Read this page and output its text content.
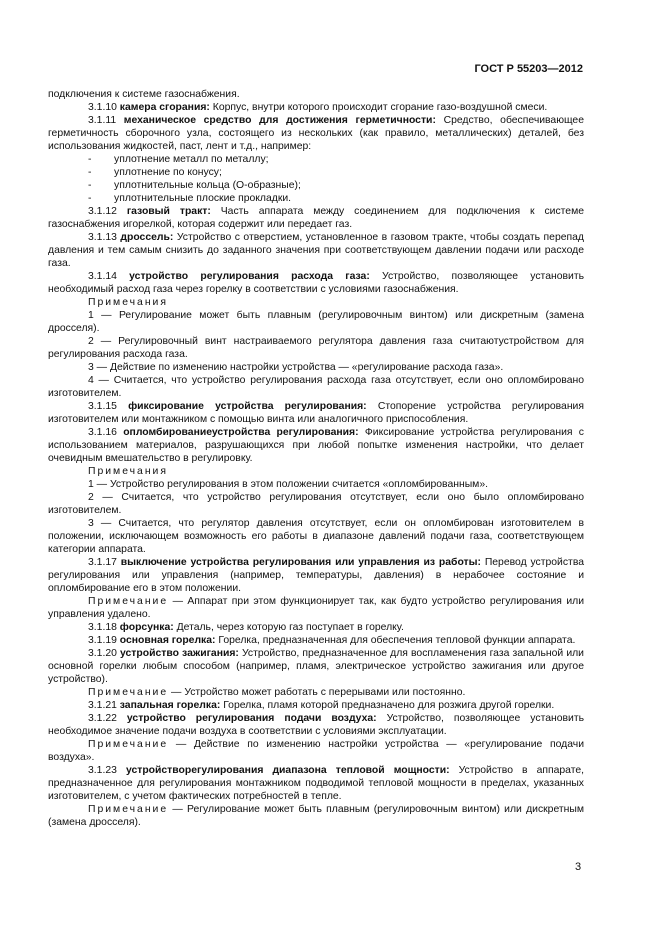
ГОСТ Р 55203—2012

подключения к системе газоснабжения.

3.1.10 камера сгорания: Корпус, внутри которого происходит сгорание газо-воздушной смеси.

3.1.11 механическое средство для достижения герметичности: Средство, обеспечивающее герметичность сборочного узла, состоящего из нескольких (как правило, металлических) деталей, без использования жидкостей, паст, лент и т.д., например:

-	уплотнение металл по металлу;
-	уплотнение по конусу;
-	уплотнительные кольца (О-образные);
-	уплотнительные плоские прокладки.

3.1.12 газовый тракт: Часть аппарата между соединением для подключения к системе газоснабжения игорелкой, которая содержит или передает газ.

3.1.13 дроссель: Устройство с отверстием, установленное в газовом тракте, чтобы создать перепад давления и тем самым снизить до заданного значения при соответствующем давлении подачи или расходе газа.

3.1.14 устройство регулирования расхода газа: Устройство, позволяющее установить необходимый расход газа через горелку в соответствии с условиями газоснабжения.

Примечания

1 — Регулирование может быть плавным (регулировочным винтом) или дискретным (замена дросселя).

2 — Регулировочный винт настраиваемого регулятора давления газа считаютустройством для регулирования расхода газа.

3 — Действие по изменению настройки устройства — «регулирование расхода газа».

4 — Считается, что устройство регулирования расхода газа отсутствует, если оно опломбировано изготовителем.

3.1.15 фиксирование устройства регулирования: Стопорение устройства регулирования изготовителем или монтажником с помощью винта или аналогичного приспособления.

3.1.16 опломбированиеустройства регулирования: Фиксирование устройства регулирования с использованием материалов, разрушающихся при любой попытке изменения настройки, что делает очевидным вмешательство в регулировку.

Примечания

1 — Устройство регулирования в этом положении считается «опломбированным».

2 — Считается, что устройство регулирования отсутствует, если оно было опломбировано изготовителем.

3 — Считается, что регулятор давления отсутствует, если он опломбирован изготовителем в положении, исключающем возможность его работы в диапазоне давлений подачи газа, соответствующем категории аппарата.

3.1.17 выключение устройства регулирования или управления из работы: Перевод устройства регулирования или управления (например, температуры, давления) в нерабочее состояние и опломбирование его в этом положении.

Примечание — Аппарат при этом функционирует так, как будто устройство регулирования или управления удалено.

3.1.18 форсунка: Деталь, через которую газ поступает в горелку.

3.1.19 основная горелка: Горелка, предназначенная для обеспечения тепловой функции аппарата.

3.1.20 устройство зажигания: Устройство, предназначенное для воспламенения газа запальной или основной горелки любым способом (например, пламя, электрическое устройство зажигания или другое устройство).

Примечание — Устройство может работать с перерывами или постоянно.

3.1.21 запальная горелка: Горелка, пламя которой предназначено для розжига другой горелки.

3.1.22 устройство регулирования подачи воздуха: Устройство, позволяющее установить необходимое значение подачи воздуха в соответствии с условиями эксплуатации.

Примечание — Действие по изменению настройки устройства — «регулирование подачи воздуха».

3.1.23 устройстворегулирования диапазона тепловой мощности: Устройство в аппарате, предназначенное для регулирования монтажником подводимой тепловой мощности в пределах, указанных изготовителем, с учетом фактических потребностей в тепле.

Примечание — Регулирование может быть плавным (регулировочным винтом) или дискретным (замена дросселя).

3
